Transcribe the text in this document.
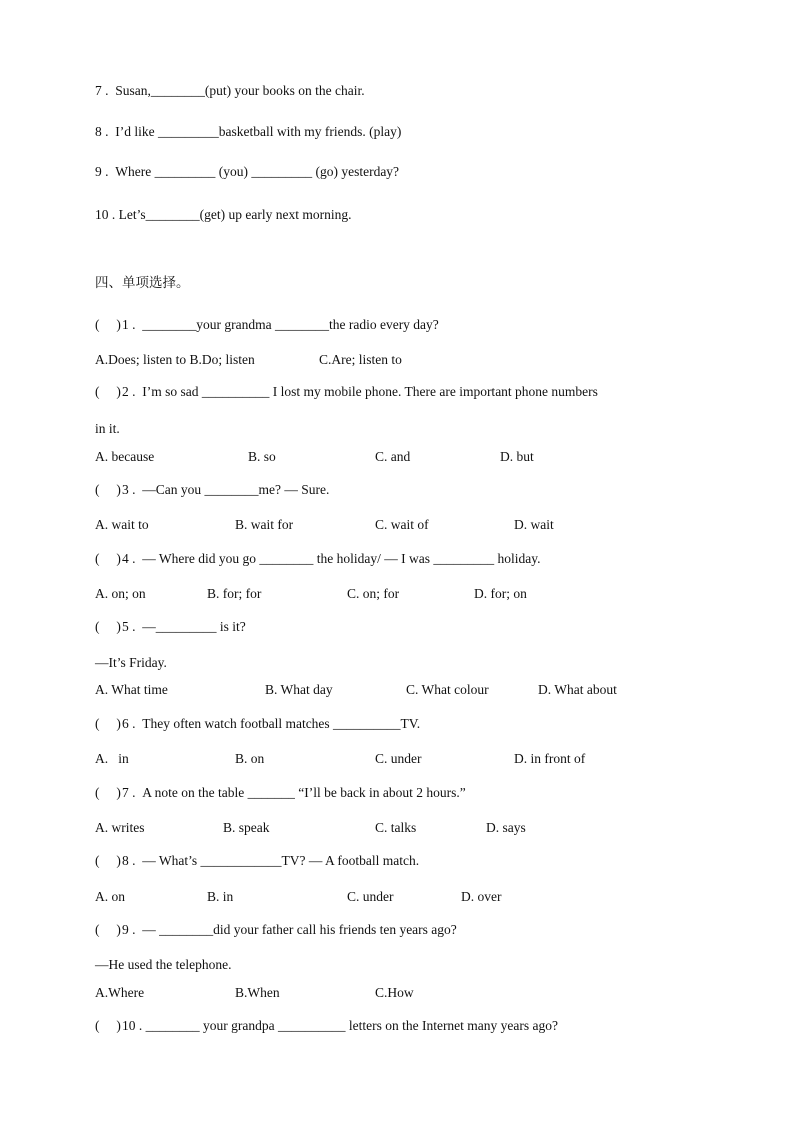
7 .  Susan,________(put) your books on the chair.
8 .  I’d like _________basketball with my friends. (play)
9 .  Where _________ (you) _________ (go) yesterday?
10 . Let’s________(get) up early next morning.
四、单项选择。
(     )1 .  ________your grandma ________the radio every day?
A.Does; listen to B.Do; listen	C.Are; listen to
(     )2 .  I’m so sad __________ I lost my mobile phone. There are important phone numbers
in it.
A. because	B. so	C. and	D. but
(     )3 .  —Can you ________me? — Sure.
A. wait to	B. wait for	C. wait of	D. wait
(     )4 .  — Where did you go ________ the holiday/ — I was _________ holiday.
A. on; on	B. for; for	C. on; for	D. for; on
(     )5 .  —_________ is it?
—It’s Friday.
A. What time	B. What day	C. What colour	D. What about
(     )6 .  They often watch football matches __________TV.
A.   in	B. on	C. under	D. in front of
(     )7 .  A note on the table _______ “I’ll be back in about 2 hours.”
A. writes	B. speak	C. talks	D. says
(     )8 .  — What’s ____________TV? — A football match.
A. on	B. in	C. under	D. over
(     )9 .  — ________did your father call his friends ten years ago?
—He used the telephone.
A.Where	B.When	C.How
(     )10 . ________ your grandpa __________ letters on the Internet many years ago?
